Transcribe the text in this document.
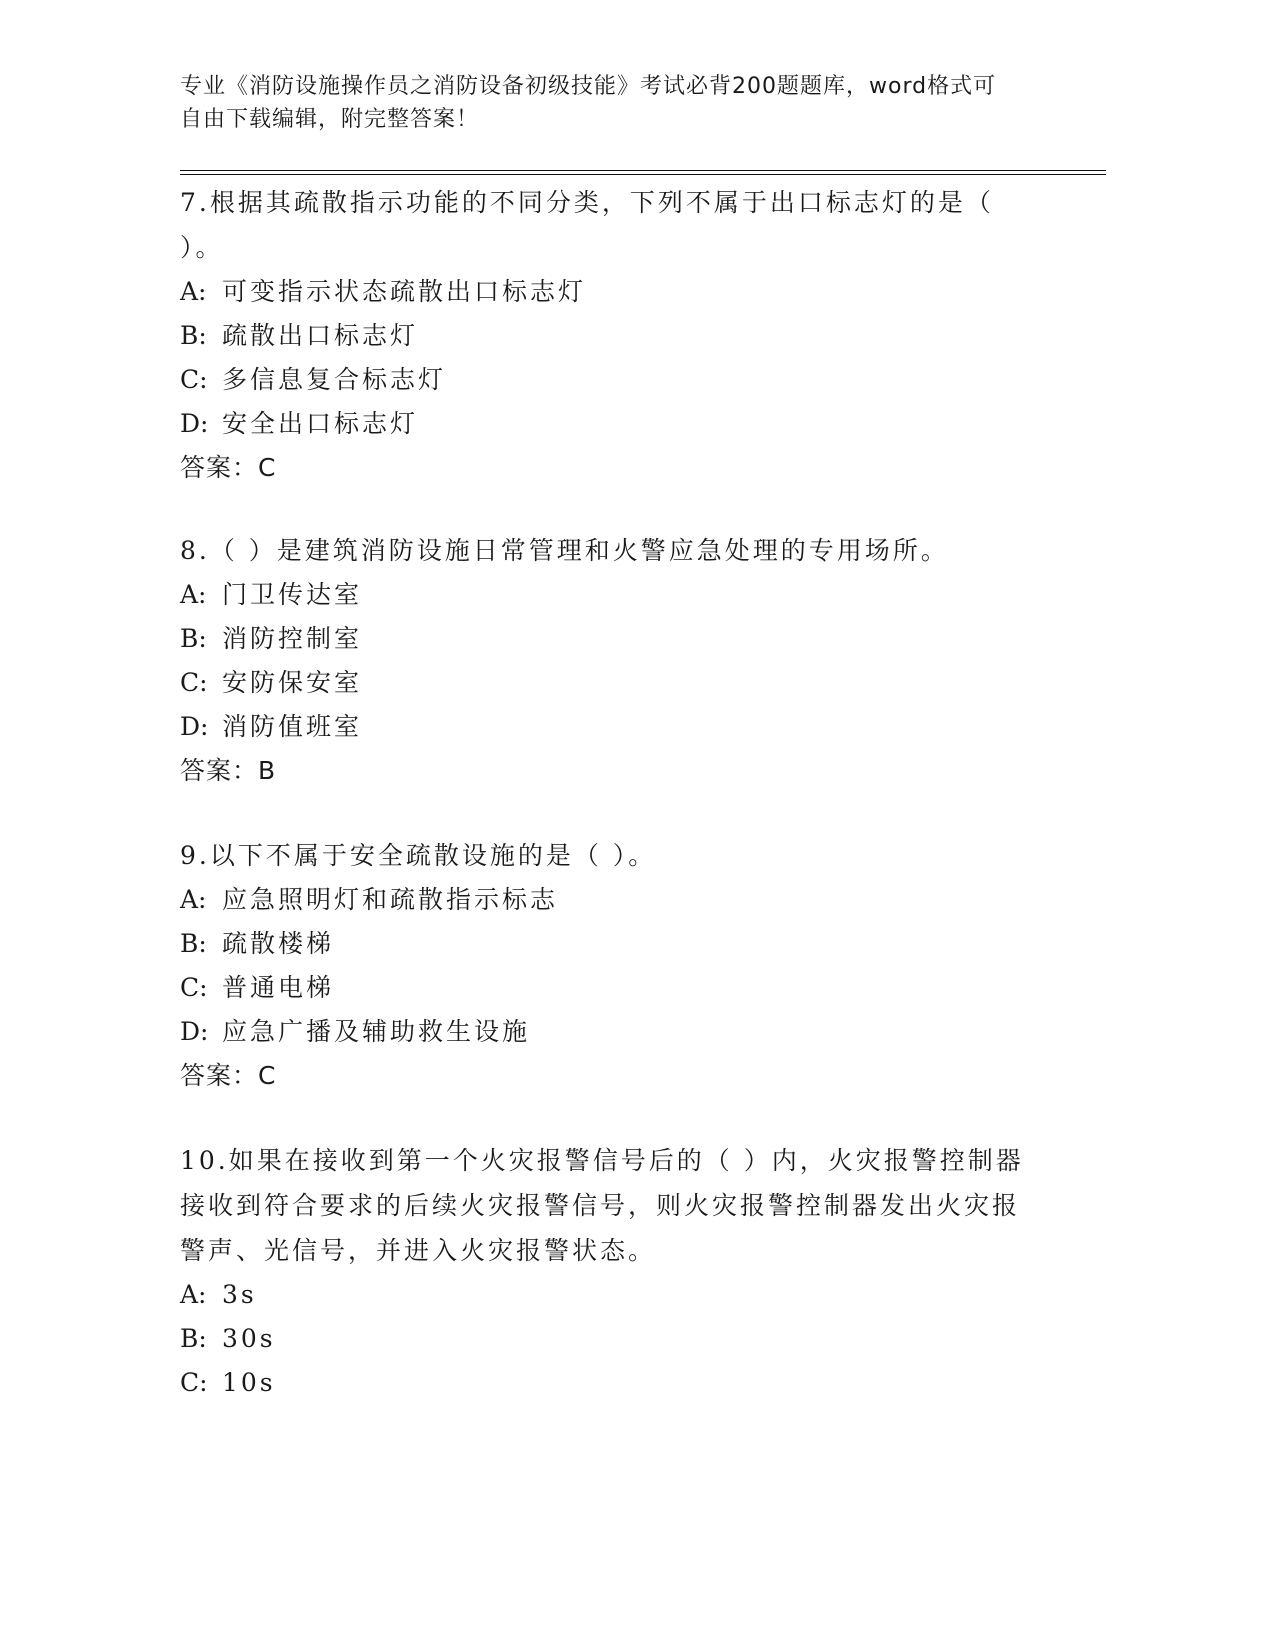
专业《消防设施操作员之消防设备初级技能》考试必背200题题库，word格式可
自由下载编辑，附完整答案！

7.根据其疏散指示功能的不同分类，下列不属于出口标志灯的是（ ）。

A: 可变指示状态疏散出口标志灯
B: 疏散出口标志灯
C: 多信息复合标志灯
D: 安全出口标志灯
答案：C

8.（ ）是建筑消防设施日常管理和火警应急处理的专用场所。

A: 门卫传达室
B: 消防控制室
C: 安防保安室
D: 消防值班室
答案：B

9.以下不属于安全疏散设施的是（ ）。

A: 应急照明灯和疏散指示标志
B: 疏散楼梯
C: 普通电梯
D: 应急广播及辅助救生设施
答案：C

10.如果在接收到第一个火灾报警信号后的（ ）内，火灾报警控制器接收到符合要求的后续火灾报警信号，则火灾报警控制器发出火灾报警声、光信号，并进入火灾报警状态。

A: 3s
B: 30s
C: 10s
